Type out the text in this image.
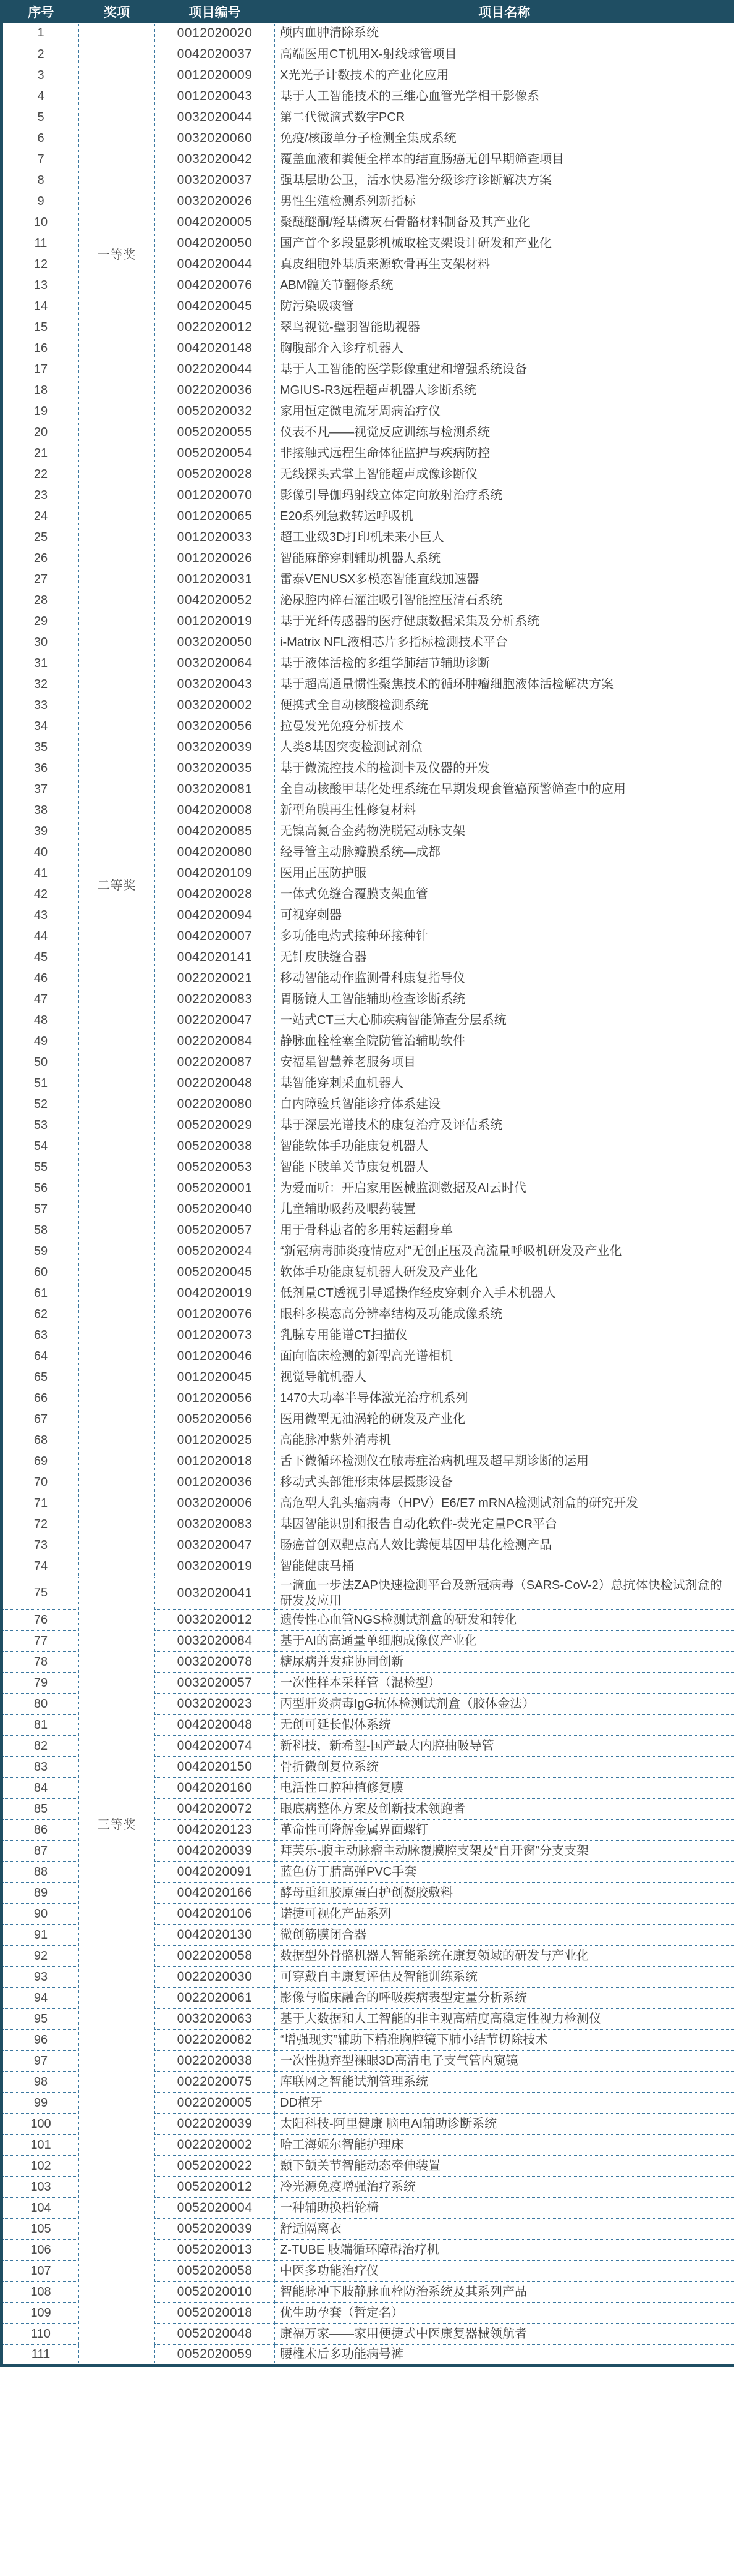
序号	奖项	项目编号	项目名称
1	一等奖	0012020020	颅内血肿清除系统
2		0042020037	高端医用CT机用X-射线球管项目
3		0012020009	X光光子计数技术的产业化应用
4		0012020043	基于人工智能技术的三维心血管光学相干影像系
5		0032020044	第二代微滴式数字PCR
6		0032020060	免疫/核酸单分子检测全集成系统
7		0032020042	覆盖血液和粪便全样本的结直肠癌无创早期筛查项目
8		0032020037	强基层助公卫，活水快易准分级诊疗诊断解决方案
9		0032020026	男性生殖检测系列新指标
10		0042020005	聚醚醚酮/羟基磷灰石骨骼材料制备及其产业化
11		0042020050	国产首个多段显影机械取栓支架设计研发和产业化
12		0042020044	真皮细胞外基质来源软骨再生支架材料
13		0042020076	ABM髋关节翻修系统
14		0042020045	防污染吸痰管
15		0022020012	翠鸟视觉-璧羽智能助视器
16		0042020148	胸腹部介入诊疗机器人
17		0022020044	基于人工智能的医学影像重建和增强系统设备
18		0022020036	MGIUS-R3远程超声机器人诊断系统
19		0052020032	家用恒定微电流牙周病治疗仪
20		0052020055	仪表不凡——视觉反应训练与检测系统
21		0052020054	非接触式远程生命体征监护与疾病防控
22		0052020028	无线探头式掌上智能超声成像诊断仪
23	二等奖	0012020070	影像引导伽玛射线立体定向放射治疗系统
24		0012020065	E20系列急救转运呼吸机
25		0012020033	超工业级3D打印机未来小巨人
26		0012020026	智能麻醉穿刺辅助机器人系统
27		0012020031	雷泰VENUSX多模态智能直线加速器
28		0042020052	泌尿腔内碎石灌注吸引智能控压清石系统
29		0012020019	基于光纤传感器的医疗健康数据采集及分析系统
30		0032020050	i-Matrix NFL液相芯片多指标检测技术平台
31		0032020064	基于液体活检的多组学肺结节辅助诊断
32		0032020043	基于超高通量惯性聚焦技术的循环肿瘤细胞液体活检解决方案
33		0032020002	便携式全自动核酸检测系统
34		0032020056	拉曼发光免疫分析技术
35		0032020039	人类8基因突变检测试剂盒
36		0032020035	基于微流控技术的检测卡及仪器的开发
37		0032020081	全自动核酸甲基化处理系统在早期发现食管癌预警筛查中的应用
38		0042020008	新型角膜再生性修复材料
39		0042020085	无镍高氮合金药物洗脱冠动脉支架
40		0042020080	经导管主动脉瓣膜系统—成都
41		0042020109	医用正压防护服
42		0042020028	一体式免缝合覆膜支架血管
43		0042020094	可视穿刺器
44		0042020007	多功能电灼式接种环接种针
45		0042020141	无针皮肤缝合器
46		0022020021	移动智能动作监测骨科康复指导仪
47		0022020083	胃肠镜人工智能辅助检查诊断系统
48		0022020047	一站式CT三大心肺疾病智能筛查分层系统
49		0022020084	静脉血栓栓塞全院防管治辅助软件
50		0022020087	安福星智慧养老服务项目
51		0022020048	基智能穿刺采血机器人
52		0022020080	白内障验兵智能诊疗体系建设
53		0052020029	基于深层光谱技术的康复治疗及评估系统
54		0052020038	智能软体手功能康复机器人
55		0052020053	智能下肢单关节康复机器人
56		0052020001	为爱而听：开启家用医械监测数据及AI云时代
57		0052020040	儿童辅助吸药及喂药装置
58		0052020057	用于骨科患者的多用转运翻身单
59		0052020024	“新冠病毒肺炎疫情应对”无创正压及高流量呼吸机研发及产业化
60		0052020045	软体手功能康复机器人研发及产业化
61	三等奖	0042020019	低剂量CT透视引导遥操作经皮穿刺介入手术机器人
62		0012020076	眼科多模态高分辨率结构及功能成像系统
63		0012020073	乳腺专用能谱CT扫描仪
64		0012020046	面向临床检测的新型高光谱相机
65		0012020045	视觉导航机器人
66		0012020056	1470大功率半导体激光治疗机系列
67		0052020056	医用微型无油涡轮的研发及产业化
68		0012020025	高能脉冲紫外消毒机
69		0012020018	舌下微循环检测仪在脓毒症治病机理及超早期诊断的运用
70		0012020036	移动式头部锥形束体层摄影设备
71		0032020006	高危型人乳头瘤病毒（HPV）E6/E7 mRNA检测试剂盒的研究开发
72		0032020083	基因智能识别和报告自动化软件-荧光定量PCR平台
73		0032020047	肠癌首创双靶点高人效比粪便基因甲基化检测产品
74		0032020019	智能健康马桶
75		0032020041	一滴血一步法ZAP快速检测平台及新冠病毒（SARS-CoV-2）总抗体快检试剂盒的研发及应用
76		0032020012	遗传性心血管NGS检测试剂盒的研发和转化
77		0032020084	基于AI的高通量单细胞成像仪产业化
78		0032020078	糖尿病并发症协同创新
79		0032020057	一次性样本采样管（混检型）
80		0032020023	丙型肝炎病毒IgG抗体检测试剂盒（胶体金法）
81		0042020048	无创可延长假体系统
82		0042020074	新科技，新希望-国产最大内腔抽吸导管
83		0042020150	骨折微创复位系统
84		0042020160	电活性口腔种植修复膜
85		0042020072	眼底病整体方案及创新技术领跑者
86		0042020123	革命性可降解金属界面螺钉
87		0042020039	拜芙乐-腹主动脉瘤主动脉覆膜腔支架及“自开窗”分支支架
88		0042020091	蓝色仿丁腈高弹PVC手套
89		0042020166	酵母重组胶原蛋白护创凝胶敷料
90		0042020106	诺捷可视化产品系列
91		0042020130	微创筋膜闭合器
92		0022020058	数据型外骨骼机器人智能系统在康复领域的研发与产业化
93		0022020030	可穿戴自主康复评估及智能训练系统
94		0022020061	影像与临床融合的呼吸疾病表型定量分析系统
95		0032020063	基于大数据和人工智能的非主观高精度高稳定性视力检测仪
96		0022020082	“增强现实”辅助下精准胸腔镜下肺小结节切除技术
97		0022020038	一次性抛弃型裸眼3D高清电子支气管内窥镜
98		0022020075	库联网之智能试剂管理系统
99		0022020005	DD植牙
100		0022020039	太阳科技-阿里健康 脑电AI辅助诊断系统
101		0022020002	哈工海姬尔智能护理床
102		0052020022	颞下颌关节智能动态牵伸装置
103		0052020012	冷光源免疫增强治疗系统
104		0052020004	一种辅助换档轮椅
105		0052020039	舒适隔离衣
106		0052020013	Z-TUBE 肢端循环障碍治疗机
107		0052020058	中医多功能治疗仪
108		0052020010	智能脉冲下肢静脉血栓防治系统及其系列产品
109		0052020018	优生助孕套（暂定名）
110		0052020048	康福万家——家用便捷式中医康复器械领航者
111		0052020059	腰椎术后多功能病号裤
